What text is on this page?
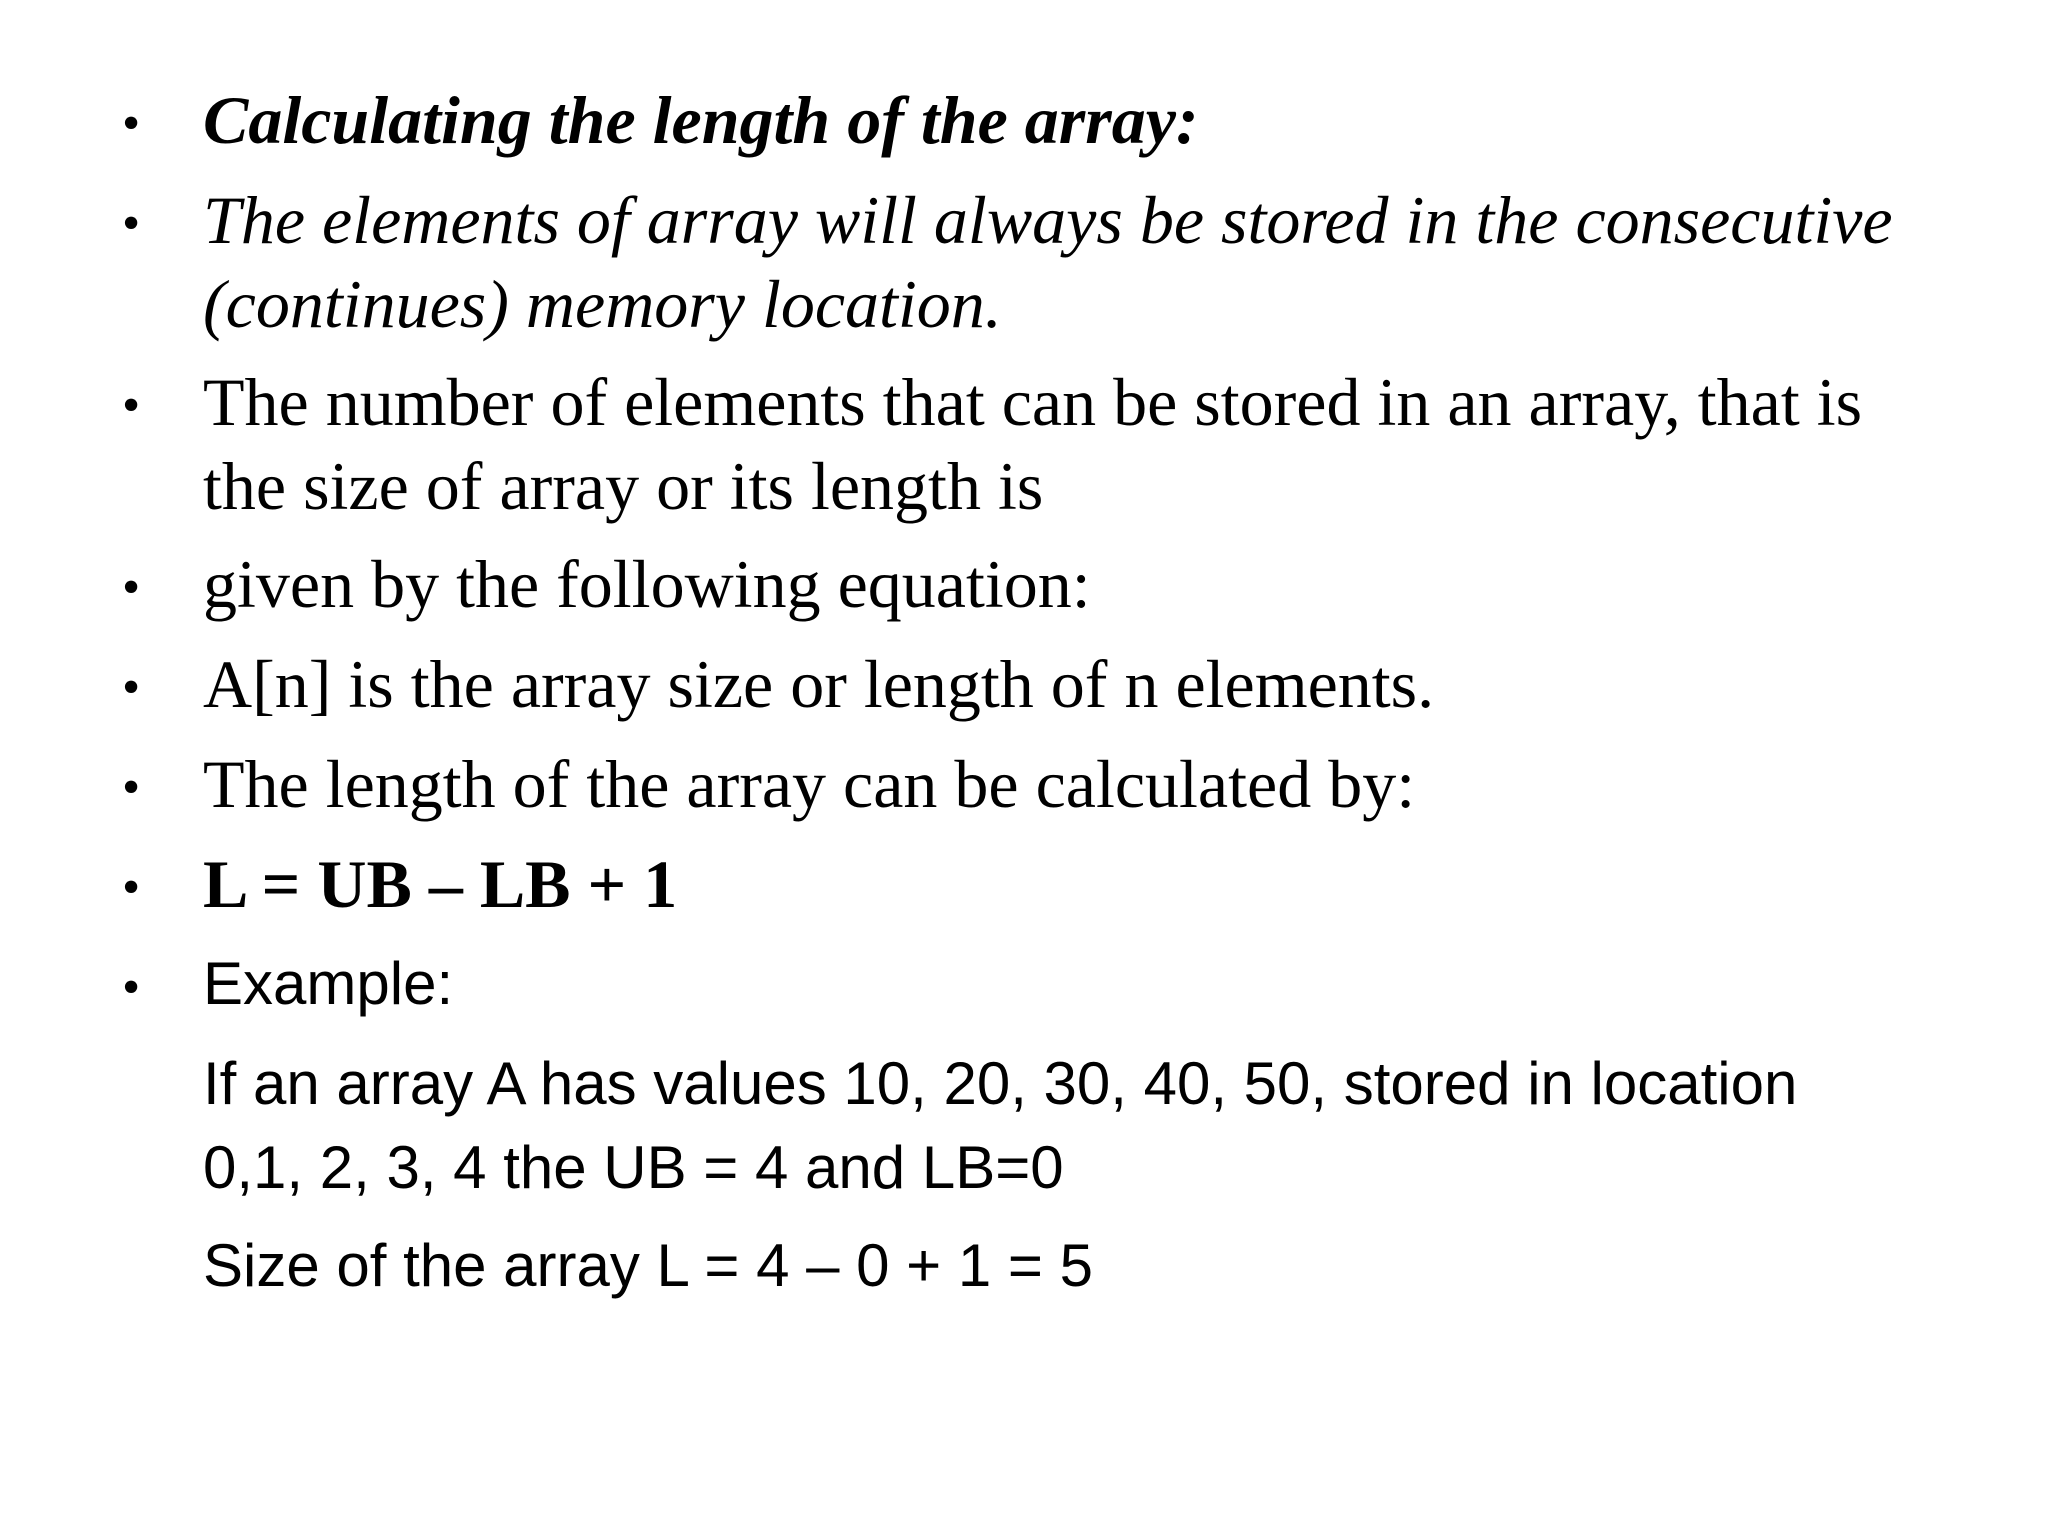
• Calculating the length of the array:
• The elements of array will always be stored in the consecutive
(continues) memory location.
• The number of elements that can be stored in an array, that is
the size of array or its length is
• given by the following equation:
• A[n] is the array size or length of n elements.
• The length of the array can be calculated by:
• L = UB – LB + 1
• Example:
If an array A has values 10, 20, 30, 40, 50, stored in location
0,1, 2, 3, 4 the UB = 4 and LB=0
Size of the array L = 4 – 0 + 1 = 5
